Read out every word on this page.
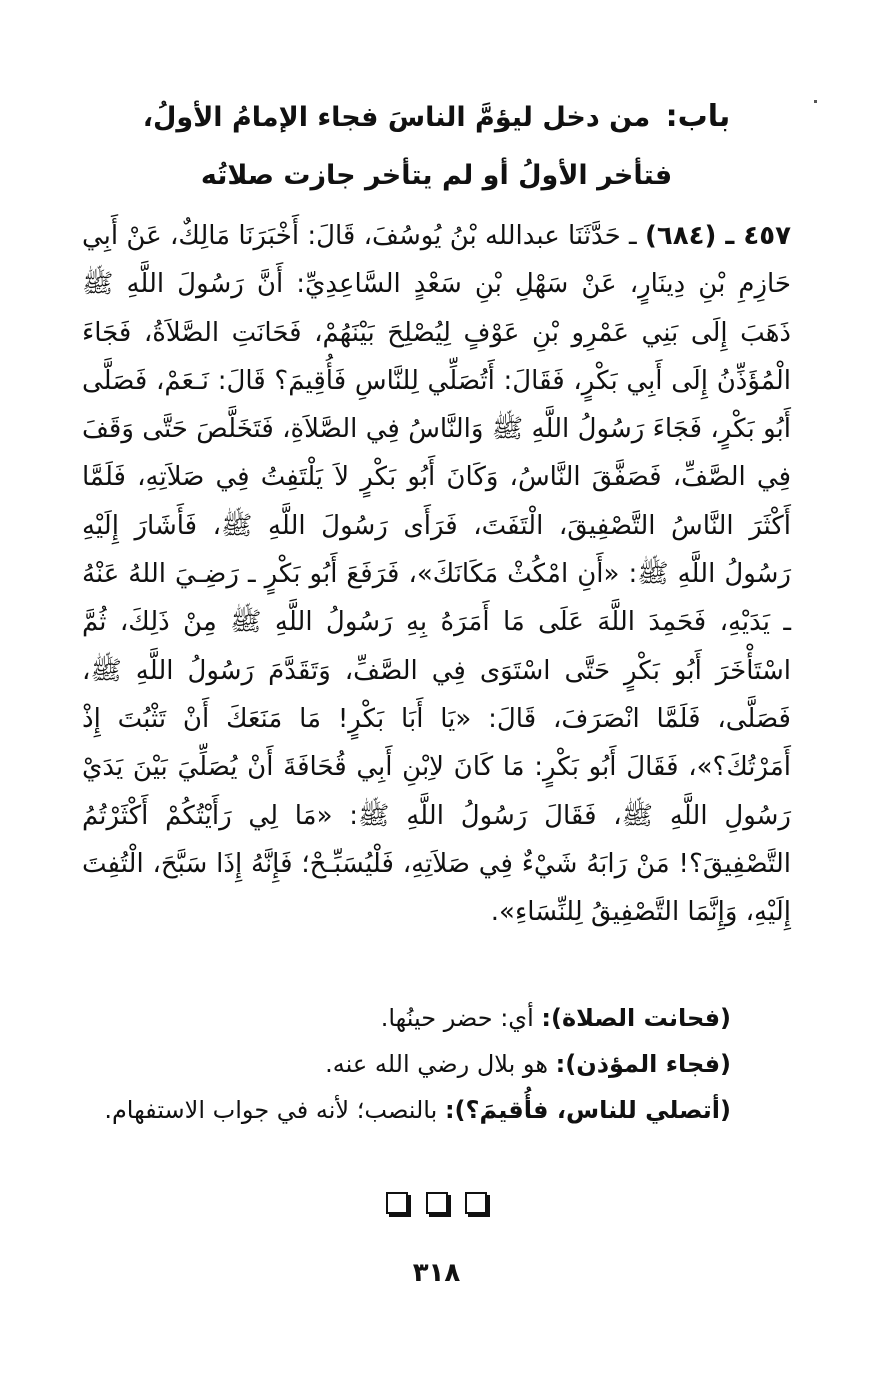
باب: من دخل ليؤمَّ الناسَ فجاء الإمامُ الأولُ،
فتأخر الأولُ أو لم يتأخر جازت صلاتُه
٤٥٧ ـ (٦٨٤) ـ حَدَّثَنَا عبدالله بْنُ يُوسُفَ، قَالَ: أَخْبَرَنَا مَالِكٌ، عَنْ أَبِي حَازِمِ بْنِ دِينَارٍ، عَنْ سَهْلِ بْنِ سَعْدٍ السَّاعِدِيِّ: أَنَّ رَسُولَ اللَّهِ ﷺ ذَهَبَ إِلَى بَنِي عَمْرِو بْنِ عَوْفٍ لِيُصْلِحَ بَيْنَهُمْ، فَحَانَتِ الصَّلاَةُ، فَجَاءَ الْمُؤَذِّنُ إِلَى أَبِي بَكْرٍ، فَقَالَ: أَتُصَلِّي لِلنَّاسِ فَأُقِيمَ؟ قَالَ: نَـعَمْ، فَصَلَّى أَبُو بَكْرٍ، فَجَاءَ رَسُولُ اللَّهِ ﷺ وَالنَّاسُ فِي الصَّلاَةِ، فَتَخَلَّصَ حَتَّى وَقَفَ فِي الصَّفِّ، فَصَفَّقَ النَّاسُ، وَكَانَ أَبُو بَكْرٍ لاَ يَلْتَفِتُ فِي صَلاَتِهِ، فَلَمَّا أَكْثَرَ النَّاسُ التَّصْفِيقَ، الْتَفَتَ، فَرَأَى رَسُولَ اللَّهِ ﷺ، فَأَشَارَ إِلَيْهِ رَسُولُ اللَّهِ ﷺ: «أَنِ امْكُثْ مَكَانَكَ»، فَرَفَعَ أَبُو بَكْرٍ ـ رَضِـيَ اللهُ عَنْهُ ـ يَدَيْهِ، فَحَمِدَ اللَّهَ عَلَى مَا أَمَرَهُ بِهِ رَسُولُ اللَّهِ ﷺ مِنْ ذَلِكَ، ثُمَّ اسْتَأْخَرَ أَبُو بَكْرٍ حَتَّى اسْتَوَى فِي الصَّفِّ، وَتَقَدَّمَ رَسُولُ اللَّهِ ﷺ، فَصَلَّى، فَلَمَّا انْصَرَفَ، قَالَ: «يَا أَبَا بَكْرٍ! مَا مَنَعَكَ أَنْ تَثْبُتَ إِذْ أَمَرْتُكَ؟»، فَقَالَ أَبُو بَكْرٍ: مَا كَانَ لاِبْنِ أَبِي قُحَافَةَ أَنْ يُصَلِّيَ بَيْنَ يَدَيْ رَسُولِ اللَّهِ ﷺ، فَقَالَ رَسُولُ اللَّهِ ﷺ: «مَا لِي رَأَيْتُكُمْ أَكْثَرْتُمُ التَّصْفِيقَ؟! مَنْ رَابَهُ شَيْءٌ فِي صَلاَتِهِ، فَلْيُسَبِّـحْ؛ فَإِنَّهُ إِذَا سَبَّحَ، الْتُفِتَ إِلَيْهِ، وَإِنَّمَا التَّصْفِيقُ لِلنِّسَاءِ».
(فحانت الصلاة): أي: حضر حينُها.
(فجاء المؤذن): هو بلال رضي الله عنه.
(أتصلي للناس، فأُقيمَ؟): بالنصب؛ لأنه في جواب الاستفهام.

٣١٨
